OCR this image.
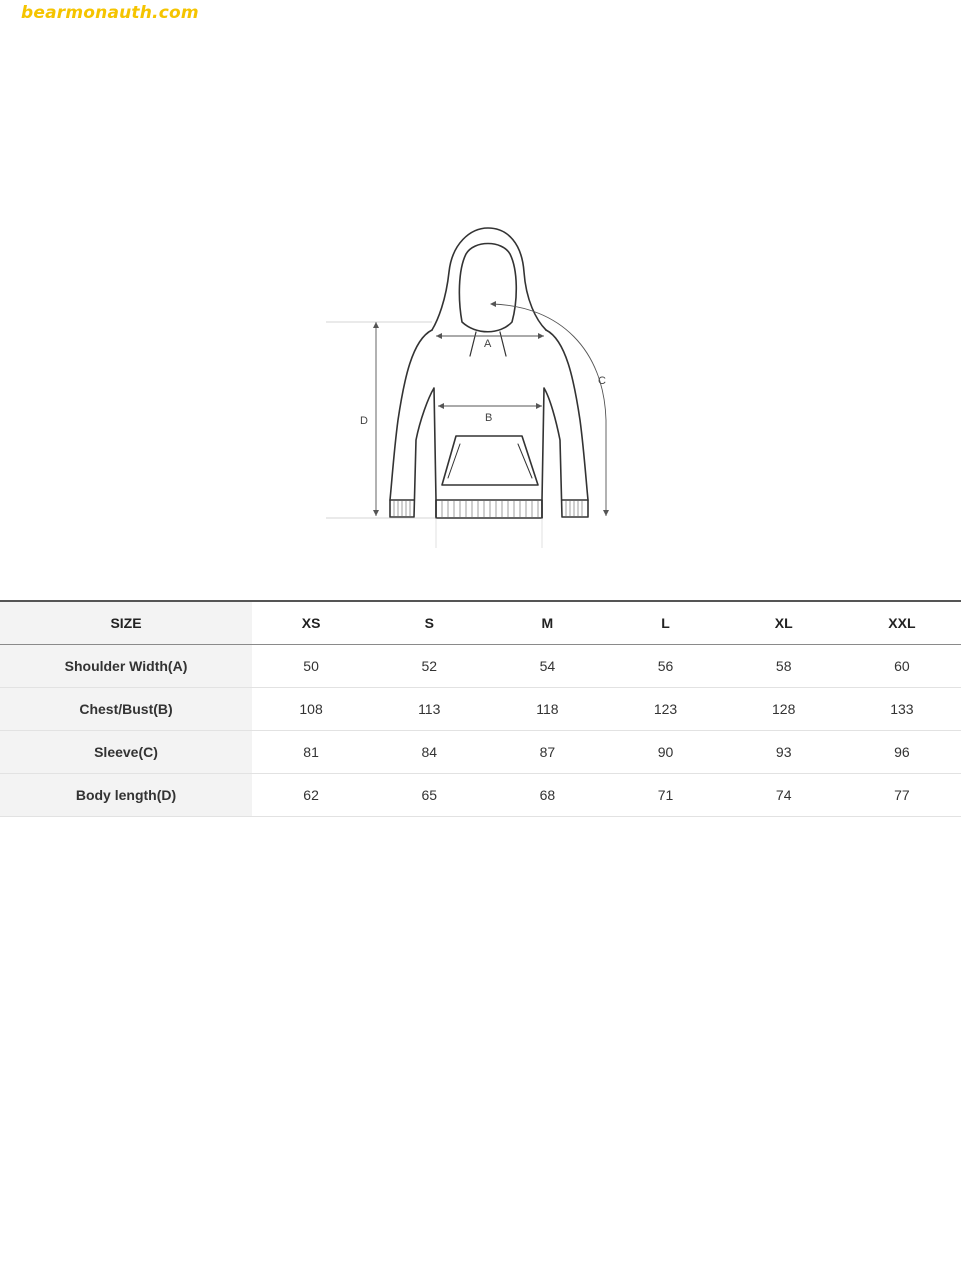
bearmonauth.com
A
B
C
D
SIZE	XS	S	M	L	XL	XXL
Shoulder Width(A)	50	52	54	56	58	60
Chest/Bust(B)	108	113	118	123	128	133
Sleeve(C)	81	84	87	90	93	96
Body length(D)	62	65	68	71	74	77
